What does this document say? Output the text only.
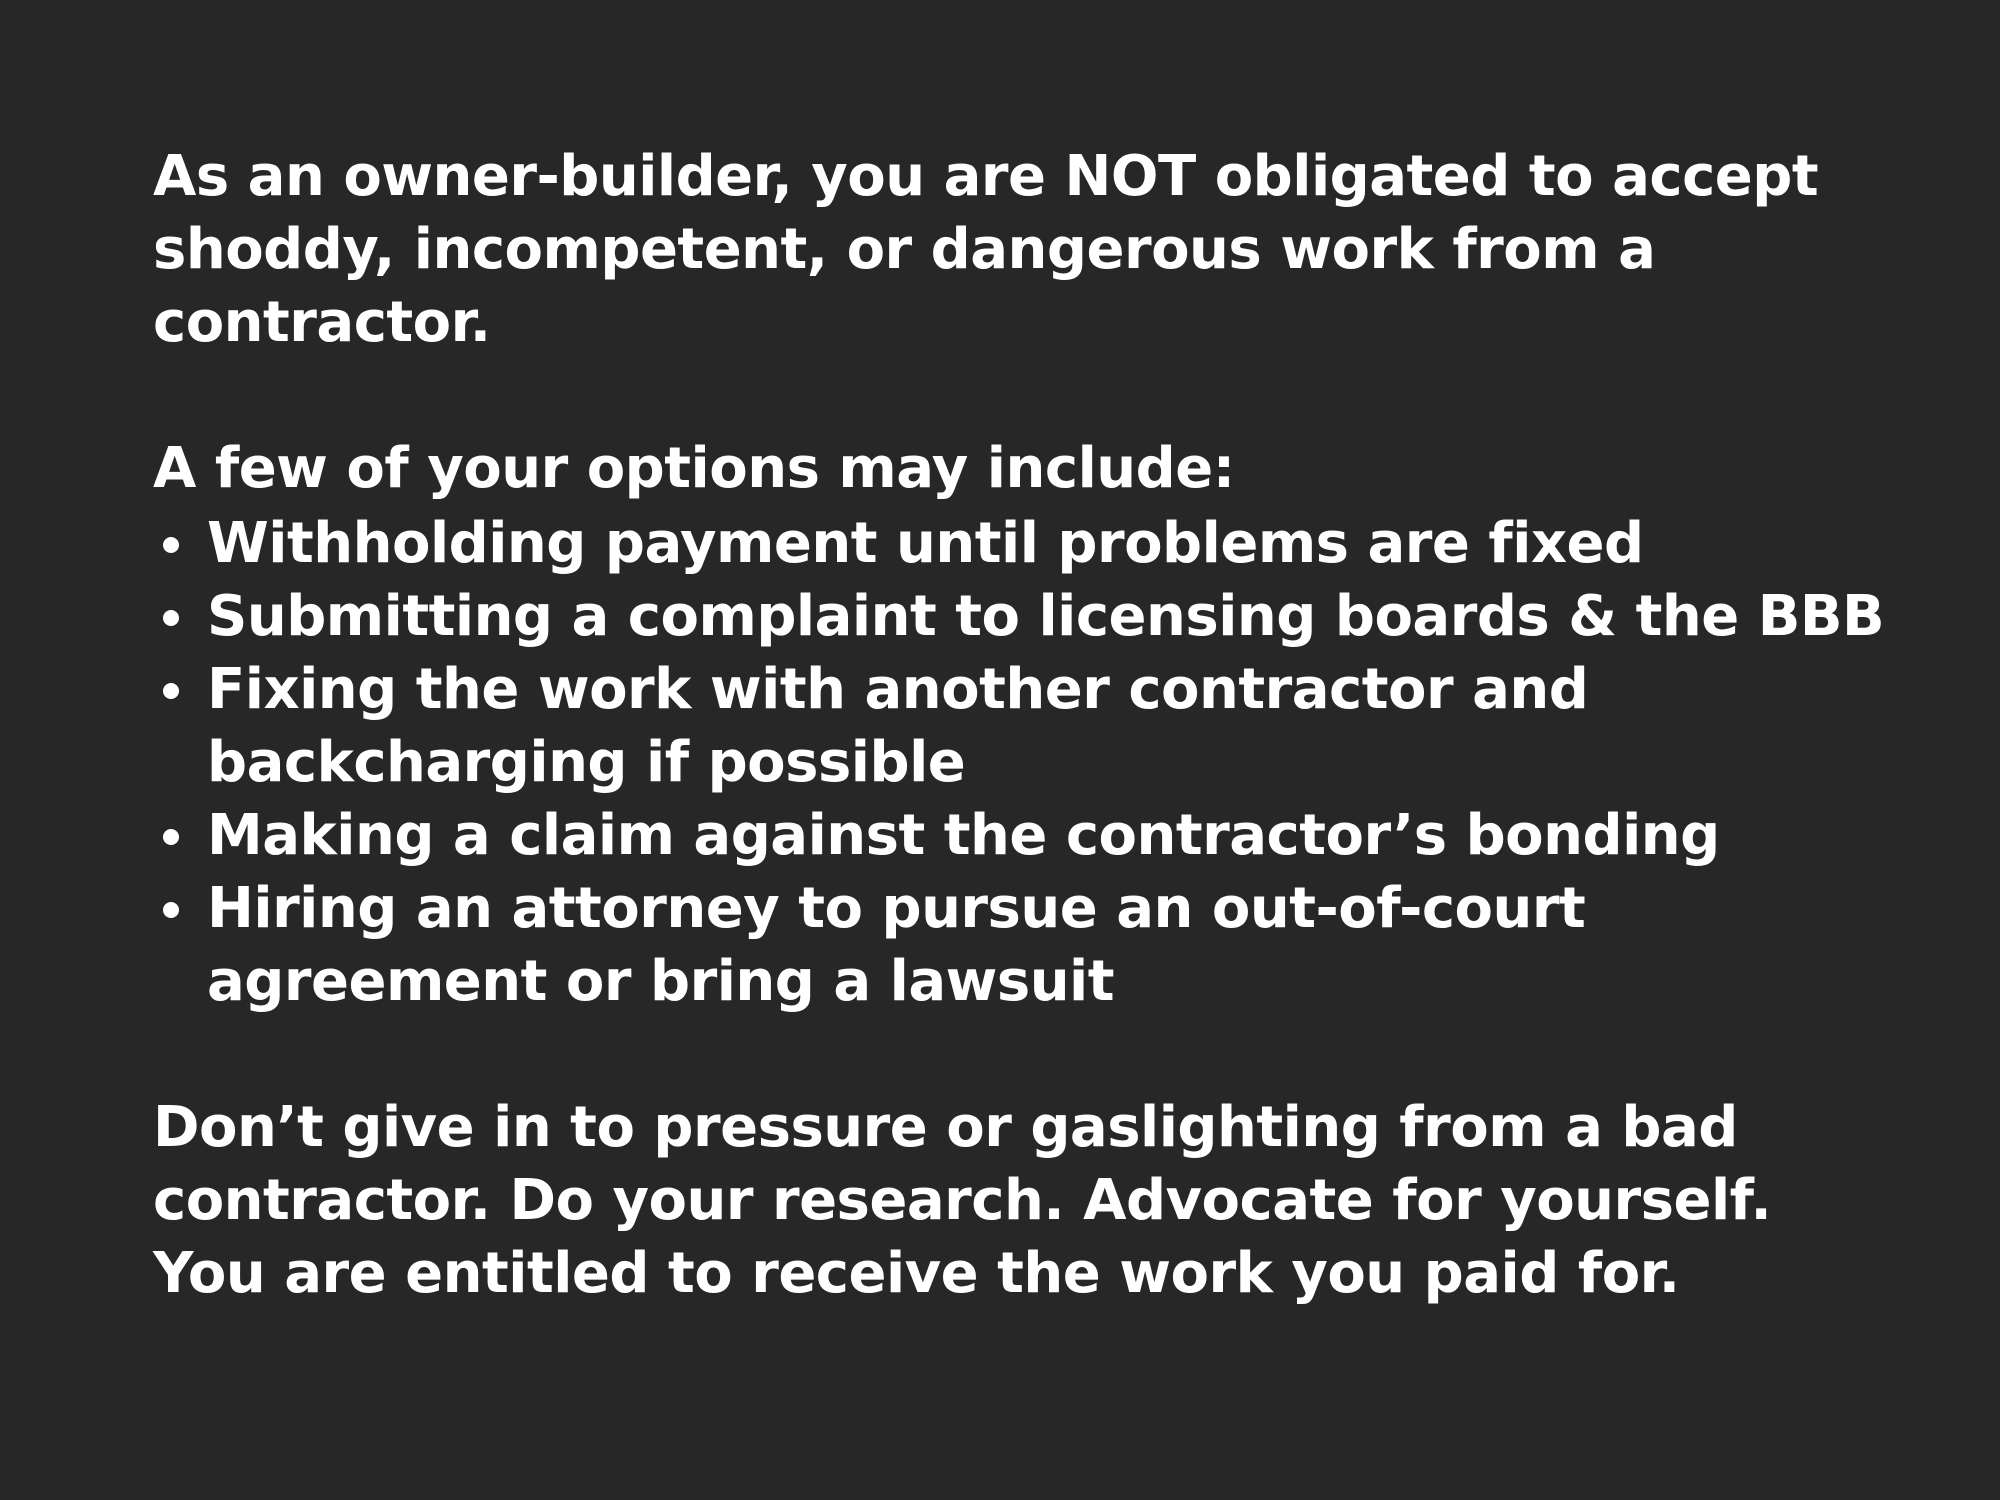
As an owner-builder, you are NOT obligated to accept
shoddy, incompetent, or dangerous work from a
contractor.

A few of your options may include:

Withholding payment until problems are fixed
Submitting a complaint to licensing boards & the BBB
Fixing the work with another contractor and
backcharging if possible
Making a claim against the contractor’s bonding
Hiring an attorney to pursue an out-of-court
agreement or bring a lawsuit

Don’t give in to pressure or gaslighting from a bad
contractor. Do your research. Advocate for yourself.
You are entitled to receive the work you paid for.
